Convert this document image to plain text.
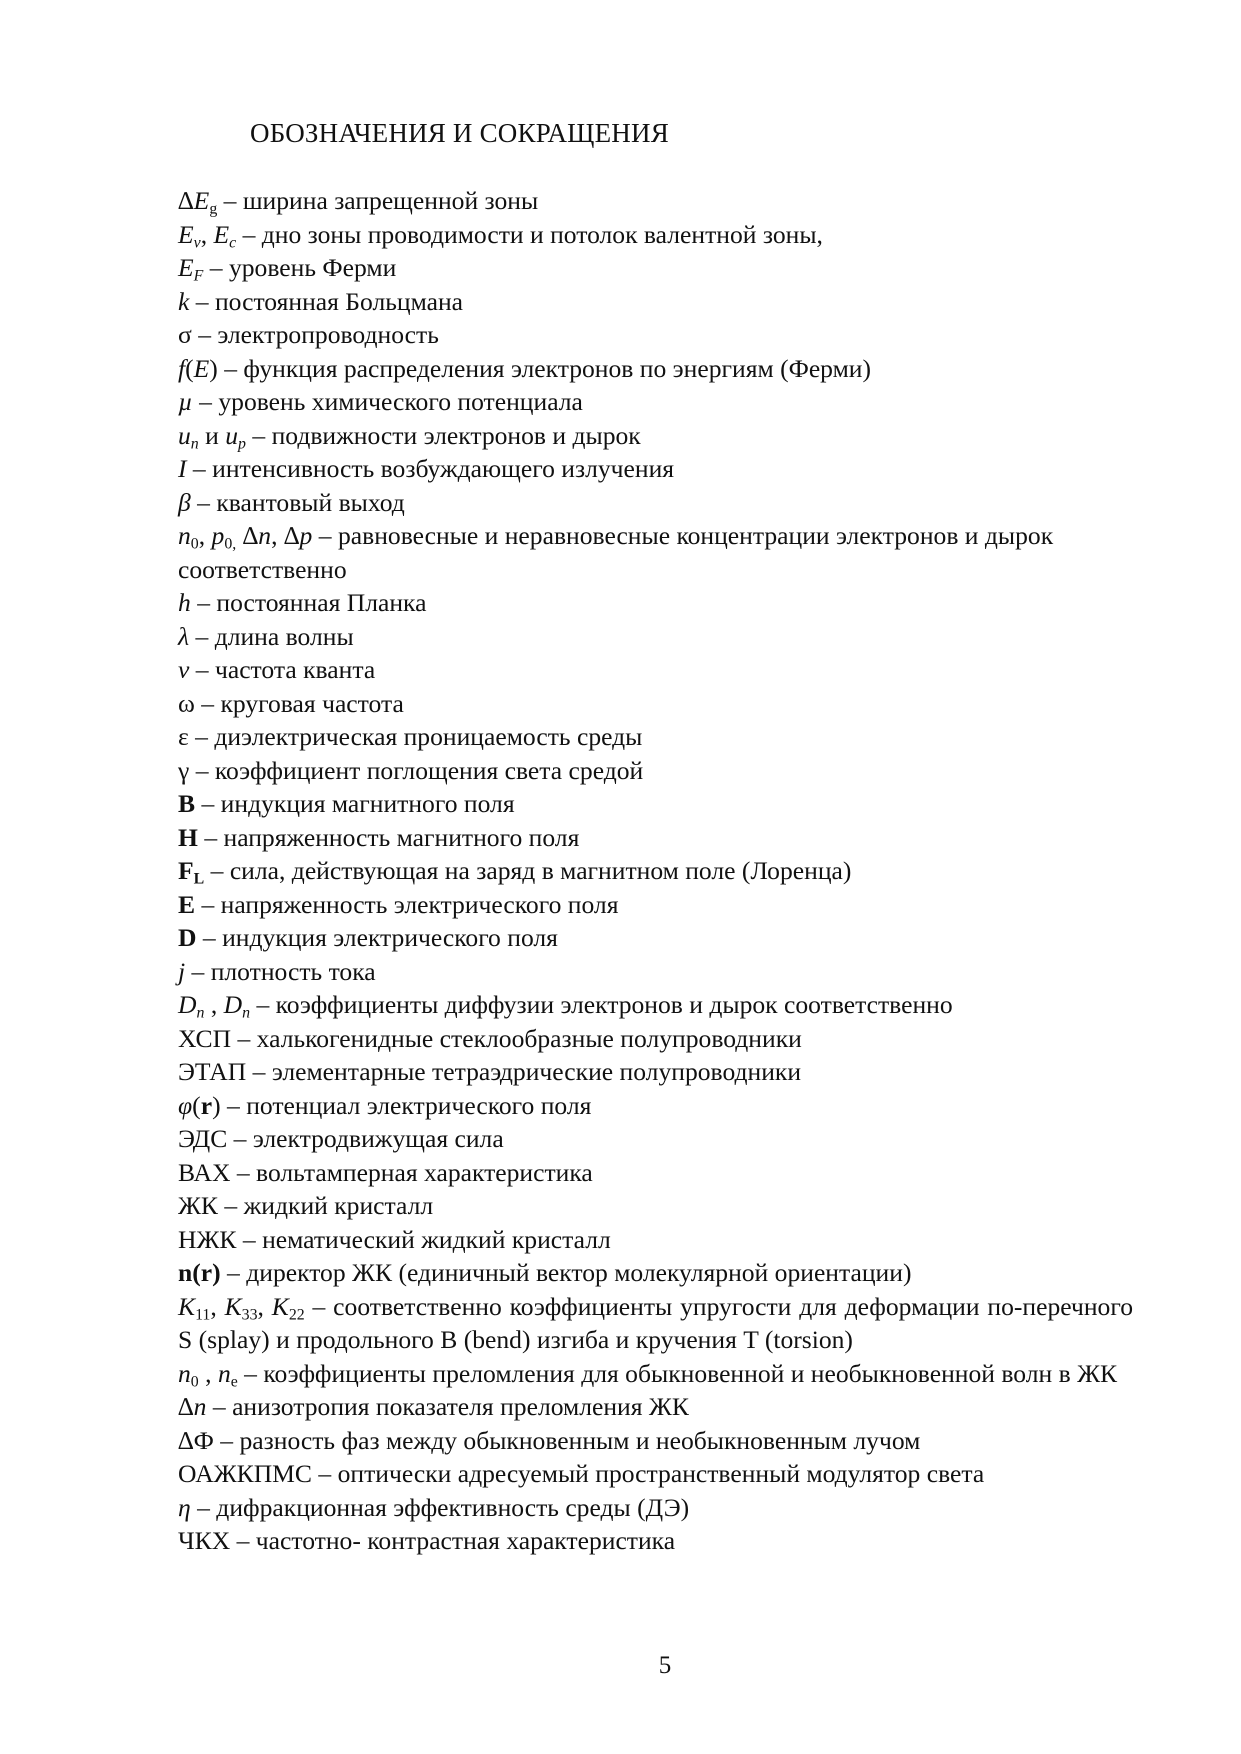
ОБОЗНАЧЕНИЯ И СОКРАЩЕНИЯ
∆Eg – ширина запрещенной зоны
$E_v$, $E_c$ – дно зоны проводимости и потолок валентной зоны,
$E_F$ – уровень Ферми
k – постоянная Больцмана
σ – электропроводность
f(E) – функция распределения электронов по энергиям (Ферми)
µ – уровень химического потенциала
$u_n$ и $u_p$ – подвижности электронов и дырок
I – интенсивность возбуждающего излучения
β – квантовый выход
n0, p0, ∆n, ∆p – равновесные и неравновесные концентрации электронов и дырок соответственно
h – постоянная Планка
λ – длина волны
ν – частота кванта
ω – круговая частота
ε – диэлектрическая проницаемость среды
γ – коэффициент поглощения света средой
B – индукция магнитного поля
H – напряженность магнитного поля
FL – сила, действующая на заряд в магнитном поле (Лоренца)
E – напряженность электрического поля
D – индукция электрического поля
j – плотность тока
$D_n$ , $D_n$ – коэффициенты диффузии электронов и дырок соответственно
ХСП – халькогенидные стеклообразные полупроводники
ЭТАП – элементарные тетраэдрические полупроводники
φ(r) – потенциал электрического поля
ЭДС – электродвижущая сила
ВАХ – вольтамперная характеристика
ЖК – жидкий кристалл
НЖК – нематический жидкий кристалл
n(r) – директор ЖК (единичный вектор молекулярной ориентации)
K11, K33, K22 – соответственно коэффициенты упругости для деформации по-перечного S (splay) и продольного B (bend) изгиба и кручения T (torsion)
n0 , ne – коэффициенты преломления для обыкновенной и необыкновенной волн в ЖК
∆n – анизотропия показателя преломления ЖК
∆Ф – разность фаз между обыкновенным и необыкновенным лучом
ОАЖКПМС – оптически адресуемый пространственный модулятор света
η – дифракционная эффективность среды (ДЭ)
ЧКХ – частотно- контрастная характеристика
5
